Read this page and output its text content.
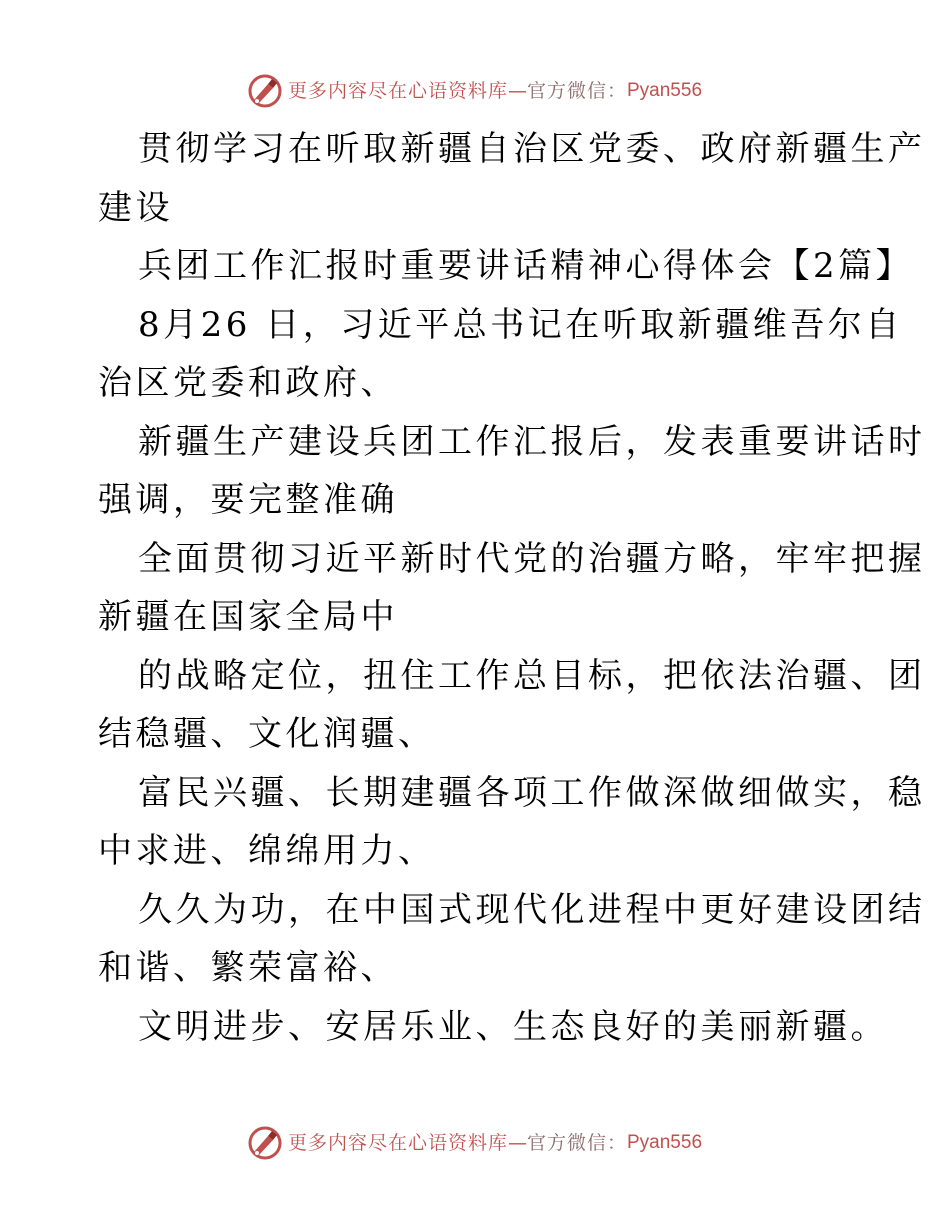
更多内容尽在心语资料库 — 官方微信： Pyan556

贯彻学习在听取新疆自治区党委、政府新疆生产

建设

兵团工作汇报时重要讲话精神心得体会【2篇】

8月26 日，习近平总书记在听取新疆维吾尔自

治区党委和政府、

新疆生产建设兵团工作汇报后，发表重要讲话时

强调，要完整准确

全面贯彻习近平新时代党的治疆方略，牢牢把握

新疆在国家全局中

的战略定位，扭住工作总目标，把依法治疆、团

结稳疆、文化润疆、

富民兴疆、长期建疆各项工作做深做细做实，稳

中求进、绵绵用力、

久久为功，在中国式现代化进程中更好建设团结

和谐、繁荣富裕、

文明进步、安居乐业、生态良好的美丽新疆。

更多内容尽在心语资料库 — 官方微信： Pyan556
